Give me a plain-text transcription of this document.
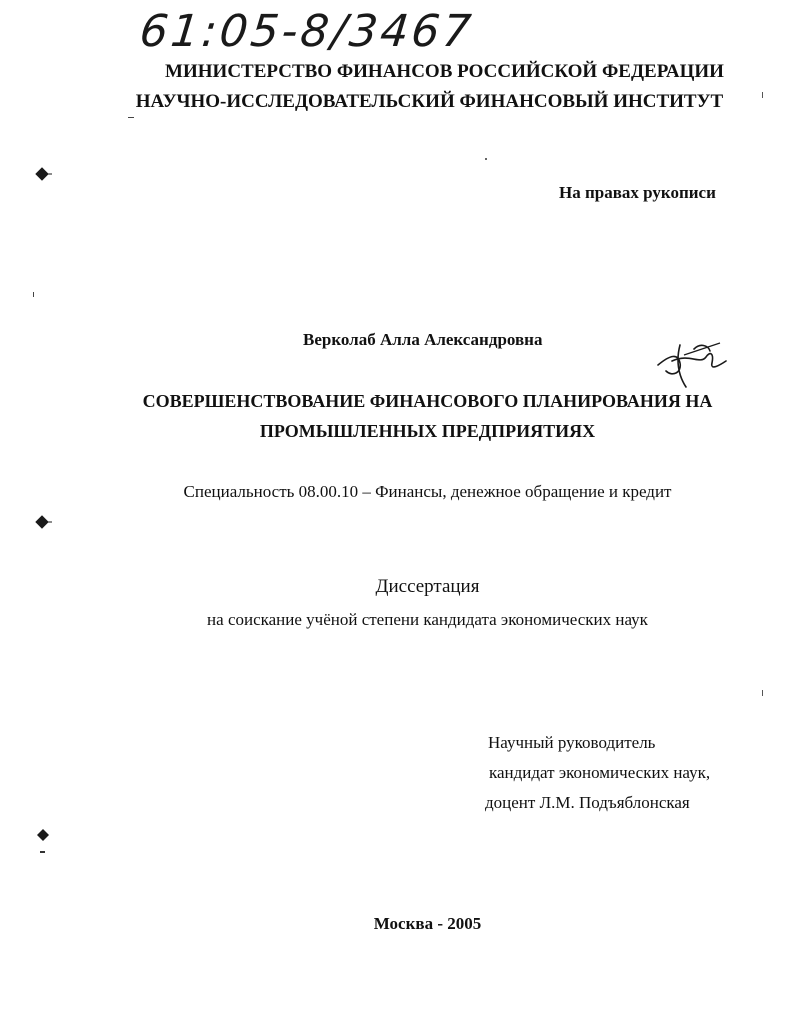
61:05-8/3467
МИНИСТЕРСТВО ФИНАНСОВ РОССИЙСКОЙ ФЕДЕРАЦИИ
НАУЧНО-ИССЛЕДОВАТЕЛЬСКИЙ ФИНАНСОВЫЙ ИНСТИТУТ
На правах рукописи
Верколаб Алла Александровна
СОВЕРШЕНСТВОВАНИЕ ФИНАНСОВОГО ПЛАНИРОВАНИЯ НА
ПРОМЫШЛЕННЫХ ПРЕДПРИЯТИЯХ
Специальность 08.00.10 – Финансы, денежное обращение и кредит
Диссертация
на соискание учёной степени кандидата экономических наук
Научный руководитель
кандидат экономических наук,
доцент Л.М. Подъяблонская
Москва - 2005
